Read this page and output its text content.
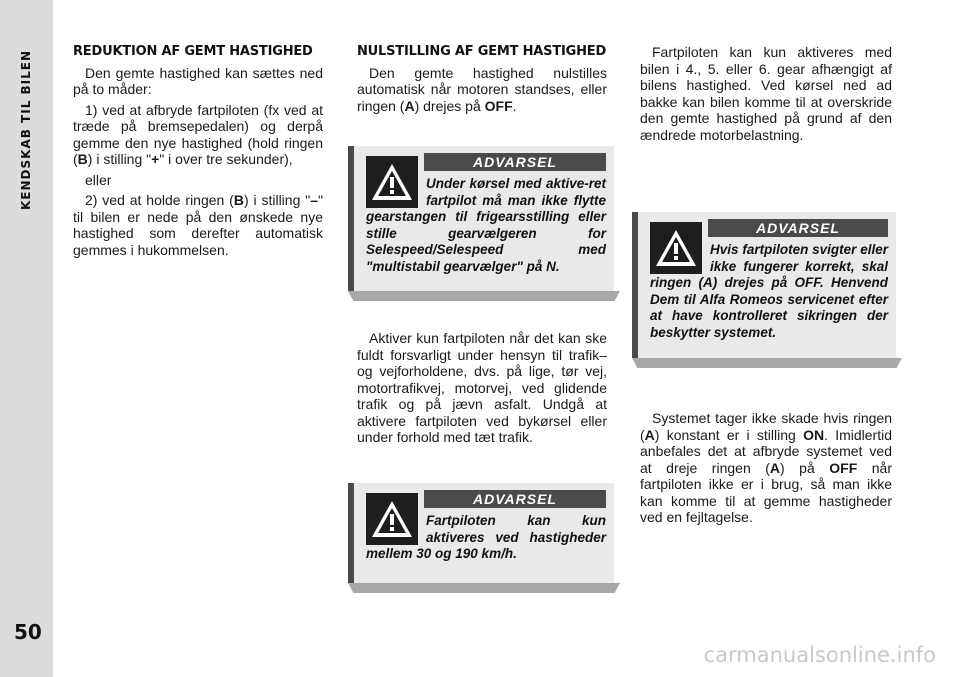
50
REDUKTION AF GEMT HASTIGHED

Den gemte hastighed kan sættes ned på to måder:

1) ved at afbryde fartpiloten (fx ved at træde på bremsepedalen) og derpå gemme den nye hastighed (hold ringen (B) i stilling "+" i over tre sekunder),

eller

2) ved at holde ringen (B) i stilling "–" til bilen er nede på den ønskede nye hastighed som derefter automatisk gemmes i hukommelsen.

NULSTILLING AF GEMT HASTIGHED

Den gemte hastighed nulstilles automatisk når motoren standses, eller ringen (A) drejes på OFF.

Aktiver kun fartpiloten når det kan ske fuldt forsvarligt under hensyn til trafik– og vejforholdene, dvs. på lige, tør vej, motortrafikvej, motorvej, ved glidende trafik og på jævn asfalt. Undgå at aktivere fartpiloten ved bykørsel eller under forhold med tæt trafik.

Fartpiloten kan kun aktiveres med bilen i 4., 5. eller 6. gear afhængigt af bilens hastighed. Ved kørsel ned ad bakke kan bilen komme til at overskride den gemte hastighed på grund af den ændrede motorbelastning.

Systemet tager ikke skade hvis ringen (A) konstant er i stilling ON. Imidlertid anbefales det at afbryde systemet ved at dreje ringen (A) på OFF når fartpiloten ikke er i brug, så man ikke kan komme til at gemme hastigheder ved en fejltagelse.

ADVARSEL
Under kørsel med aktive-ret fartpilot må man ikke flytte gearstangen til frigearsstilling eller stille gearvælgeren for Selespeed/Selespeed med "multistabil gearvælger" på N.
ADVARSEL
Fartpiloten kan kun aktiveres ved hastigheder mellem 30 og 190 km/h.
ADVARSEL
Hvis fartpiloten svigter eller ikke fungerer korrekt, skal ringen (A) drejes på OFF. Henvend Dem til Alfa Romeos servicenet efter at have kontrolleret sikringen der beskytter systemet.
carmanualsonline.info
